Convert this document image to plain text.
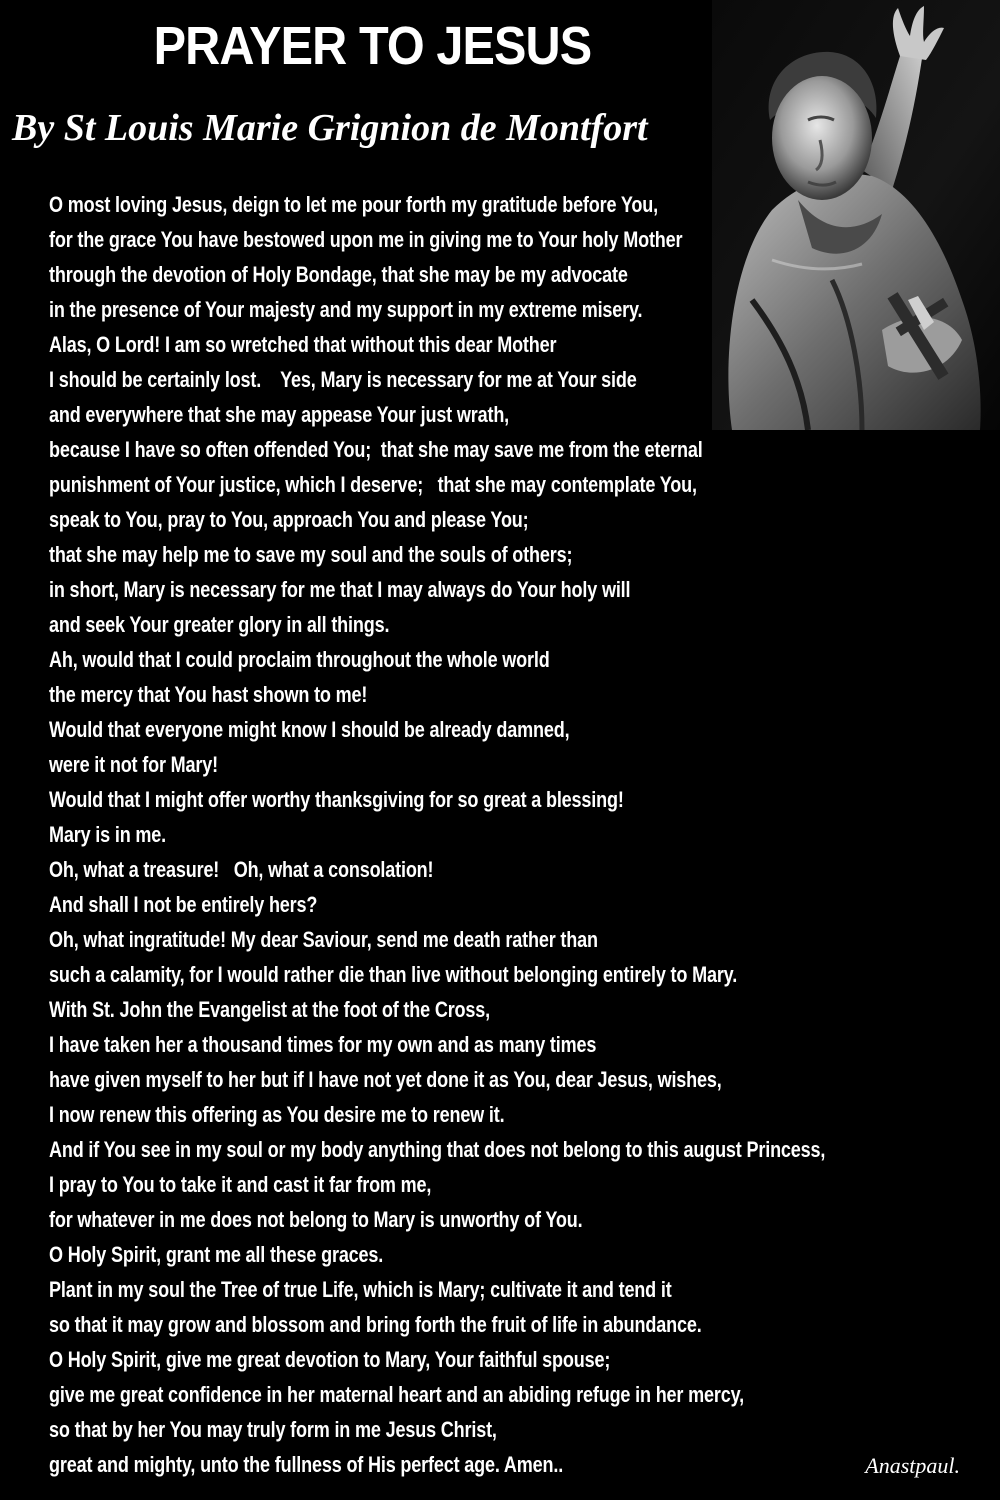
PRAYER TO JESUS
By St Louis Marie Grignion de Montfort
O most loving Jesus, deign to let me pour forth my gratitude before You,
for the grace You have bestowed upon me in giving me to Your holy Mother
through the devotion of Holy Bondage, that she may be my advocate
in the presence of Your majesty and my support in my extreme misery.
Alas, O Lord! I am so wretched that without this dear Mother
I should be certainly lost.    Yes, Mary is necessary for me at Your side
and everywhere that she may appease Your just wrath,
because I have so often offended You;  that she may save me from the eternal
punishment of Your justice, which I deserve;   that she may contemplate You,
speak to You, pray to You, approach You and please You;
that she may help me to save my soul and the souls of others;
in short, Mary is necessary for me that I may always do Your holy will
and seek Your greater glory in all things.
Ah, would that I could proclaim throughout the whole world
the mercy that You hast shown to me!
Would that everyone might know I should be already damned,
were it not for Mary!
Would that I might offer worthy thanksgiving for so great a blessing!
Mary is in me.
Oh, what a treasure!   Oh, what a consolation!
And shall I not be entirely hers?
Oh, what ingratitude! My dear Saviour, send me death rather than
such a calamity, for I would rather die than live without belonging entirely to Mary.
With St. John the Evangelist at the foot of the Cross,
I have taken her a thousand times for my own and as many times
have given myself to her but if I have not yet done it as You, dear Jesus, wishes,
I now renew this offering as You desire me to renew it.
And if You see in my soul or my body anything that does not belong to this august Princess,
I pray to You to take it and cast it far from me,
for whatever in me does not belong to Mary is unworthy of You.
O Holy Spirit, grant me all these graces.
Plant in my soul the Tree of true Life, which is Mary; cultivate it and tend it
so that it may grow and blossom and bring forth the fruit of life in abundance.
O Holy Spirit, give me great devotion to Mary, Your faithful spouse;
give me great confidence in her maternal heart and an abiding refuge in her mercy,
so that by her You may truly form in me Jesus Christ,
great and mighty, unto the fullness of His perfect age. Amen..	Anastpaul.
